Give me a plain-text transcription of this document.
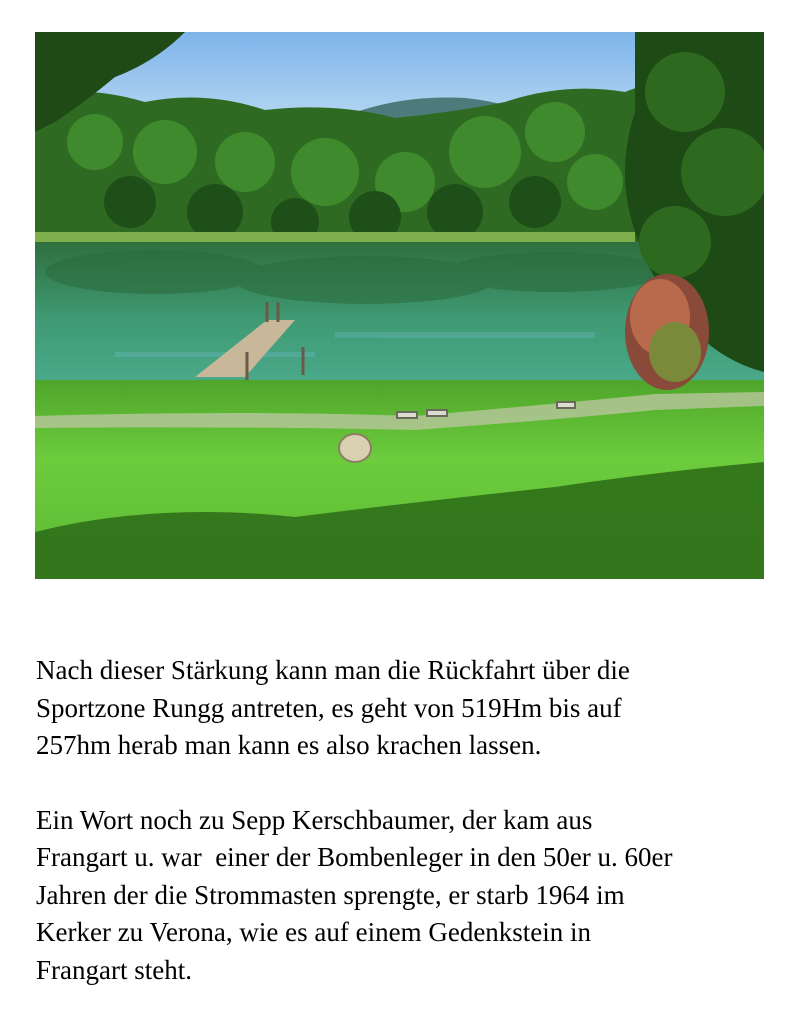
Nach dieser Stärkung kann man die Rückfahrt über die
Sportzone Rungg antreten, es geht von 519Hm bis auf
257hm herab man kann es also krachen lassen.

Ein Wort noch zu Sepp Kerschbaumer, der kam aus
Frangart u. war  einer der Bombenleger in den 50er u. 60er
Jahren der die Strommasten sprengte, er starb 1964 im
Kerker zu Verona, wie es auf einem Gedenkstein in
Frangart steht.
